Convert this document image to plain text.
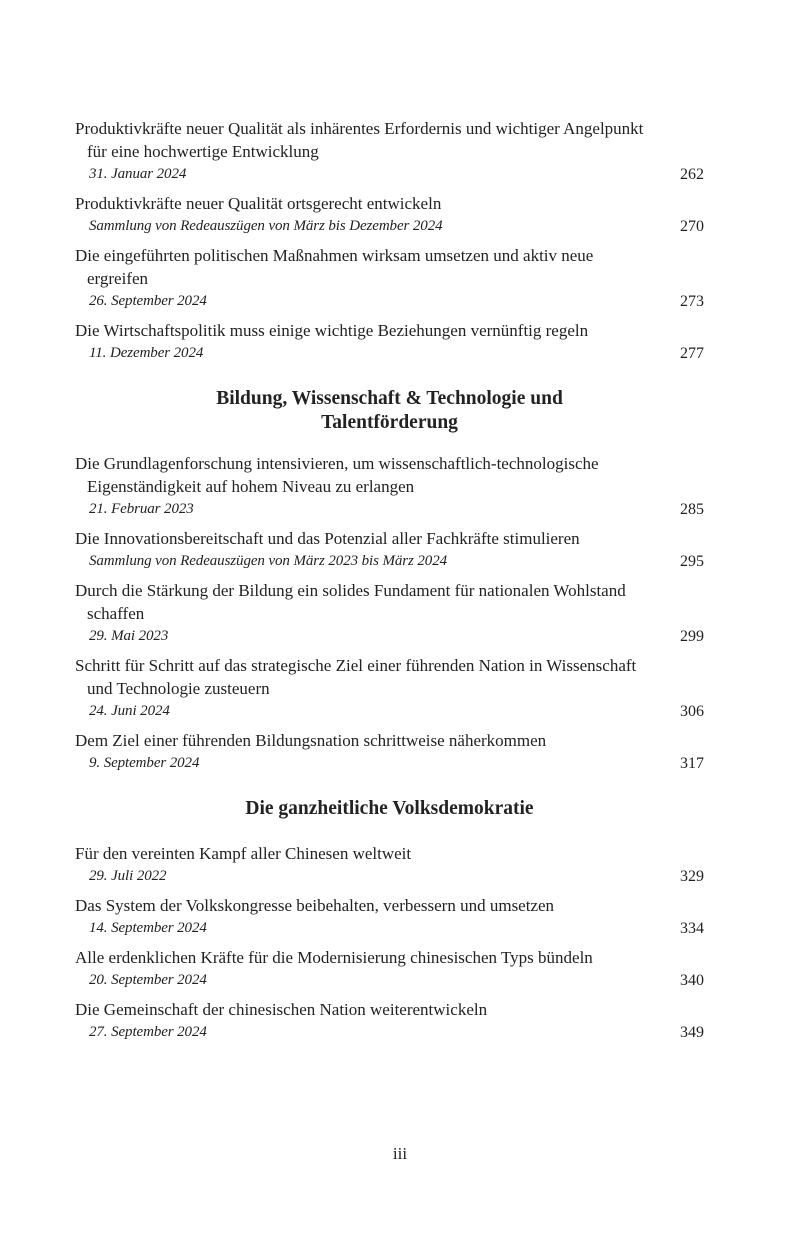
Produktivkräfte neuer Qualität als inhärentes Erfordernis und wichtiger Angelpunkt für eine hochwertige Entwicklung
31. Januar 2024	262
Produktivkräfte neuer Qualität ortsgerecht entwickeln
Sammlung von Redeauszügen von März bis Dezember 2024	270
Die eingeführten politischen Maßnahmen wirksam umsetzen und aktiv neue ergreifen
26. September 2024	273
Die Wirtschaftspolitik muss einige wichtige Beziehungen vernünftig regeln
11. Dezember 2024	277
Bildung, Wissenschaft & Technologie und Talentförderung
Die Grundlagenforschung intensivieren, um wissenschaftlich-technologische Eigenständigkeit auf hohem Niveau zu erlangen
21. Februar 2023	285
Die Innovationsbereitschaft und das Potenzial aller Fachkräfte stimulieren
Sammlung von Redeauszügen von März 2023 bis März 2024	295
Durch die Stärkung der Bildung ein solides Fundament für nationalen Wohlstand schaffen
29. Mai 2023	299
Schritt für Schritt auf das strategische Ziel einer führenden Nation in Wissenschaft und Technologie zusteuern
24. Juni 2024	306
Dem Ziel einer führenden Bildungsnation schrittweise näherkommen
9. September 2024	317
Die ganzheitliche Volksdemokratie
Für den vereinten Kampf aller Chinesen weltweit
29. Juli 2022	329
Das System der Volkskongresse beibehalten, verbessern und umsetzen
14. September 2024	334
Alle erdenklichen Kräfte für die Modernisierung chinesischen Typs bündeln
20. September 2024	340
Die Gemeinschaft der chinesischen Nation weiterentwickeln
27. September 2024	349
iii
